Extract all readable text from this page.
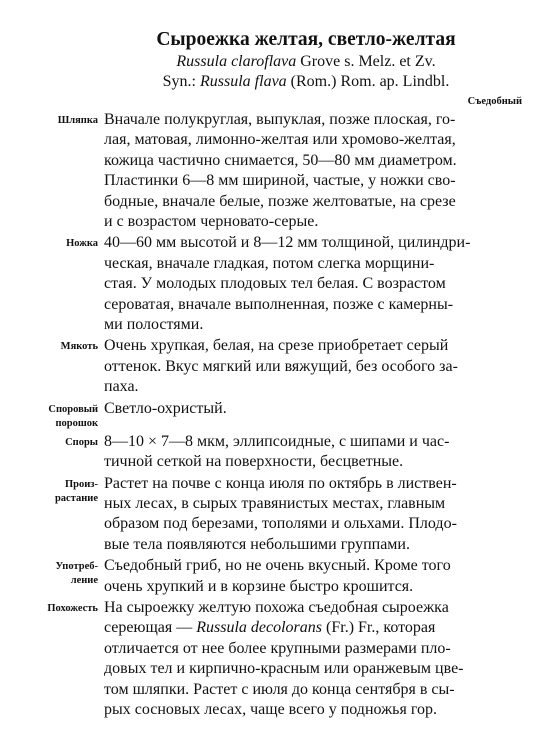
Сыроежка желтая, светло-желтая

Russula claroflava Grove s. Melz. et Zv.

Syn.: Russula flava (Rom.) Rom. ap. Lindbl.

Съедобный
Шляпка Вначале полукруглая, выпуклая, позже плоская, го-
лая, матовая, лимонно-желтая или хромово-желтая,
кожица частично снимается, 50—80 мм диаметром.
Пластинки 6—8 мм шириной, частые, у ножки сво-
бодные, вначале белые, позже желтоватые, на срезе
и с возрастом черновато-серые.

Ножка 40—60 мм высотой и 8—12 мм толщиной, цилиндри-
ческая, вначале гладкая, потом слегка морщини-
стая. У молодых плодовых тел белая. С возрастом
сероватая, вначале выполненная, позже с камерны-
ми полостями.

Мякоть Очень хрупкая, белая, на срезе приобретает серый
оттенок. Вкус мягкий или вяжущий, без особого за-
паха.

Споровый
порошок

Светло-охристый.

Споры 8—10 × 7—8 мкм, эллипсоидные, с шипами и час-
тичной сеткой на поверхности, бесцветные.

Произ-
растание

Растет на почве с конца июля по октябрь в листвен-
ных лесах, в сырых травянистых местах, главным
образом под березами, тополями и ольхами. Плодо-
вые тела появляются небольшими группами.

Употреб-
ление

Съедобный гриб, но не очень вкусный. Кроме того
очень хрупкий и в корзине быстро крошится.

Похожесть На сыроежку желтую похожа съедобная сыроежка
сереющая — Russula decolorans (Fr.) Fr., которая
отличается от нее более крупными размерами пло-
довых тел и кирпично-красным или оранжевым цве-
том шляпки. Растет с июля до конца сентября в сы-
рых сосновых лесах, чаще всего у подножья гор.
